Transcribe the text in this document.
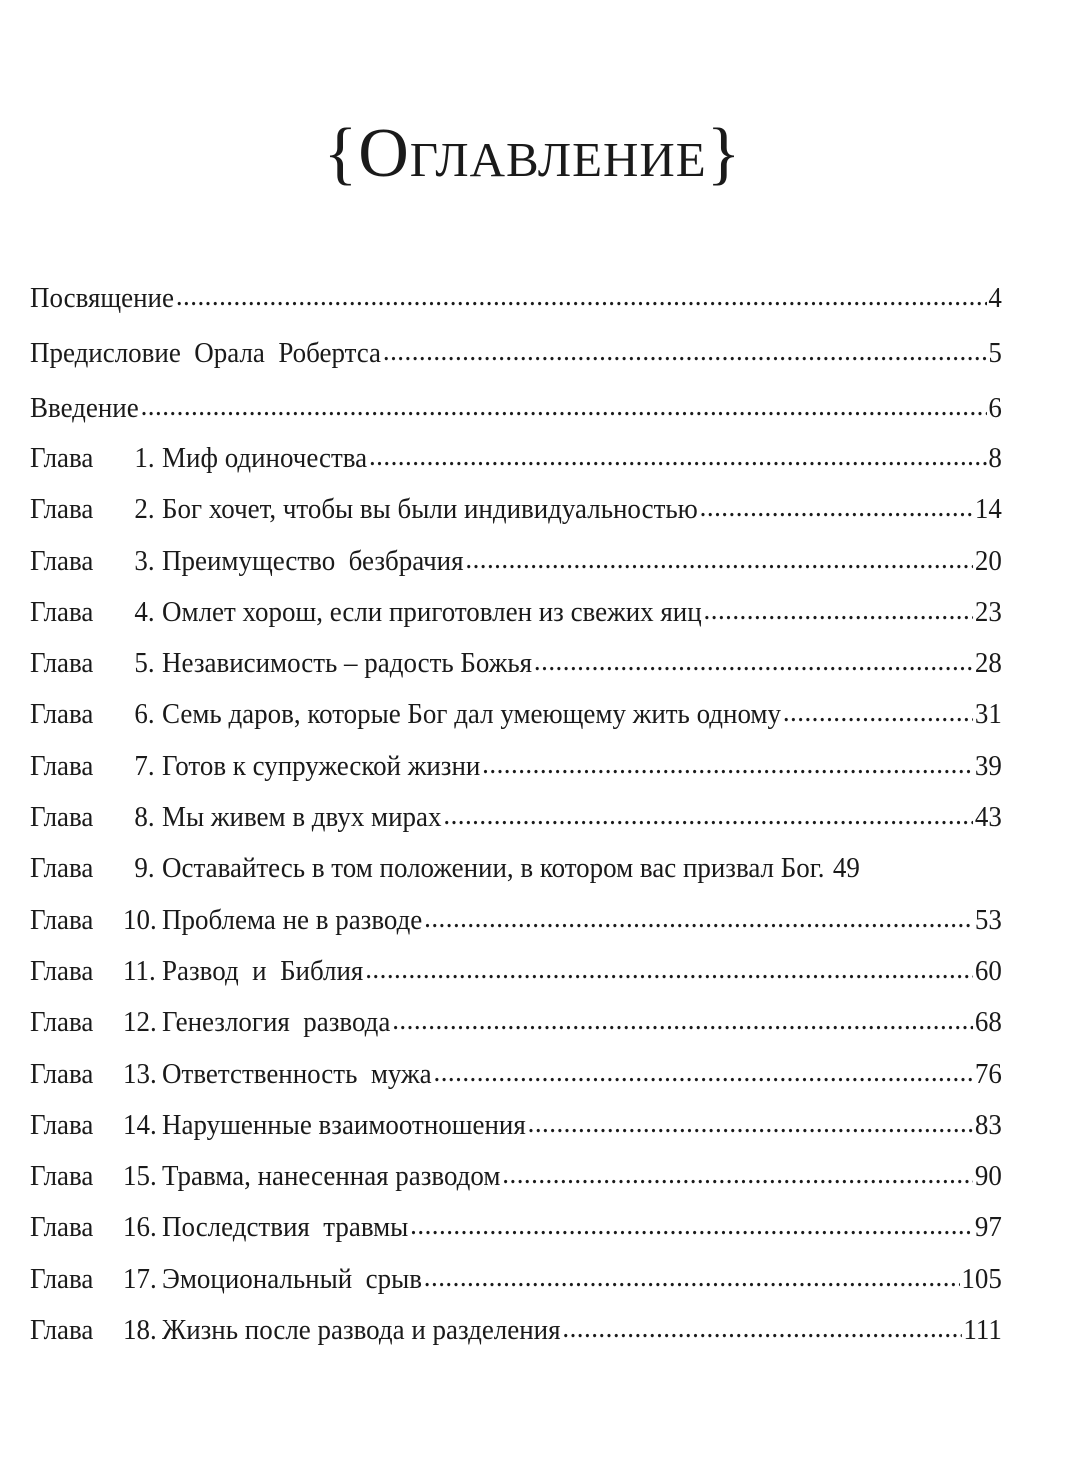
{Оглавление}
Посвящение .....	4
Предисловие  Орала  Робертса .....	5
Введение .....	6
Глава	1. Миф одиночества .....	8
Глава	2. Бог хочет, чтобы вы были индивидуальностью .....	14
Глава	3. Преимущество  безбрачия .....	20
Глава	4. Омлет хорош, если приготовлен из свежих яиц .....	23
Глава	5. Независимость – радость Божья .....	28
Глава	6. Семь даров, которые Бог дал умеющему жить одному .....	31
Глава	7. Готов к супружеской жизни .....	39
Глава	8. Мы живем в двух мирах .....	43
Глава	9. Оставайтесь в том положении, в котором вас призвал Бог. 49
Глава	10. Проблема не в разводе .....	53
Глава	11. Развод  и  Библия .....	60
Глава	12. Генезлогия  развода .....	68
Глава	13. Ответственность  мужа .....	76
Глава	14. Нарушенные взаимоотношения .....	83
Глава	15. Травма, нанесенная разводом .....	90
Глава	16. Последствия  травмы .....	97
Глава	17. Эмоциональный  срыв .....	105
Глава	18. Жизнь после развода и разделения .....	111
